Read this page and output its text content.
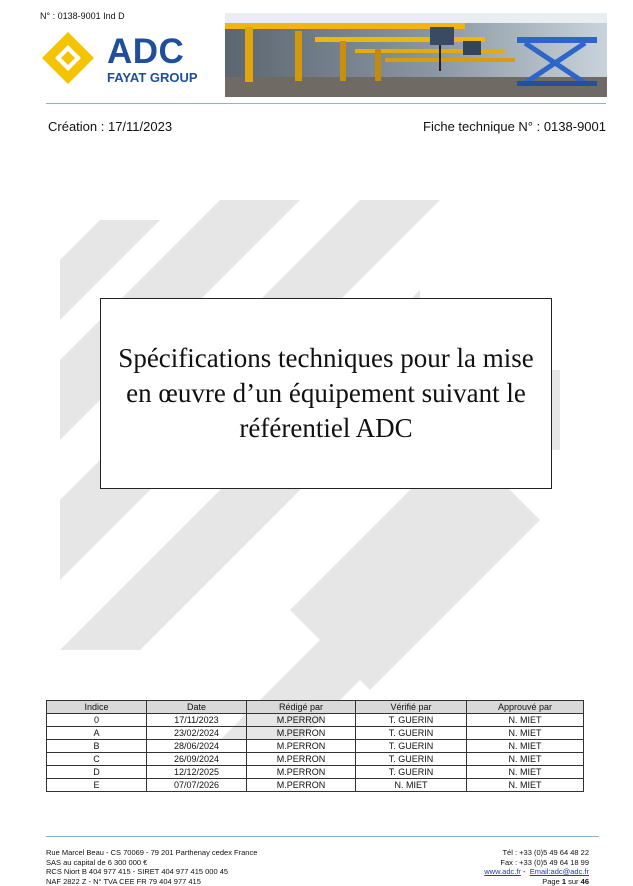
N° : 0138-9001 Ind D
ADC
FAYAT GROUP
Création : 17/11/2023	Fiche technique N° : 0138-9001
Spécifications techniques pour la mise en œuvre d’un équipement suivant le référentiel ADC
Indice	Date	Rédigé par	Vérifié par	Approuvé par
0	17/11/2023	M.PERRON	T. GUERIN	N. MIET
A	23/02/2024	M.PERRON	T. GUERIN	N. MIET
B	28/06/2024	M.PERRON	T. GUERIN	N. MIET
C	26/09/2024	M.PERRON	T. GUERIN	N. MIET
D	12/12/2025	M.PERRON	T. GUERIN	N. MIET
E	07/07/2026	M.PERRON	N. MIET	N. MIET
Rue Marcel Beau - CS 70069 - 79 201 Parthenay cedex France
SAS au capital de 6 300 000 €
RCS Niort B 404 977 415 - SIRET 404 977 415 000 45
NAF 2822 Z - N° TVA CEE FR 79 404 977 415
Tél : +33 (0)5 49 64 48 22
Fax : +33 (0)5 49 64 18 99
www.adc.fr -  Email:adc@adc.fr
Page 1 sur 46
